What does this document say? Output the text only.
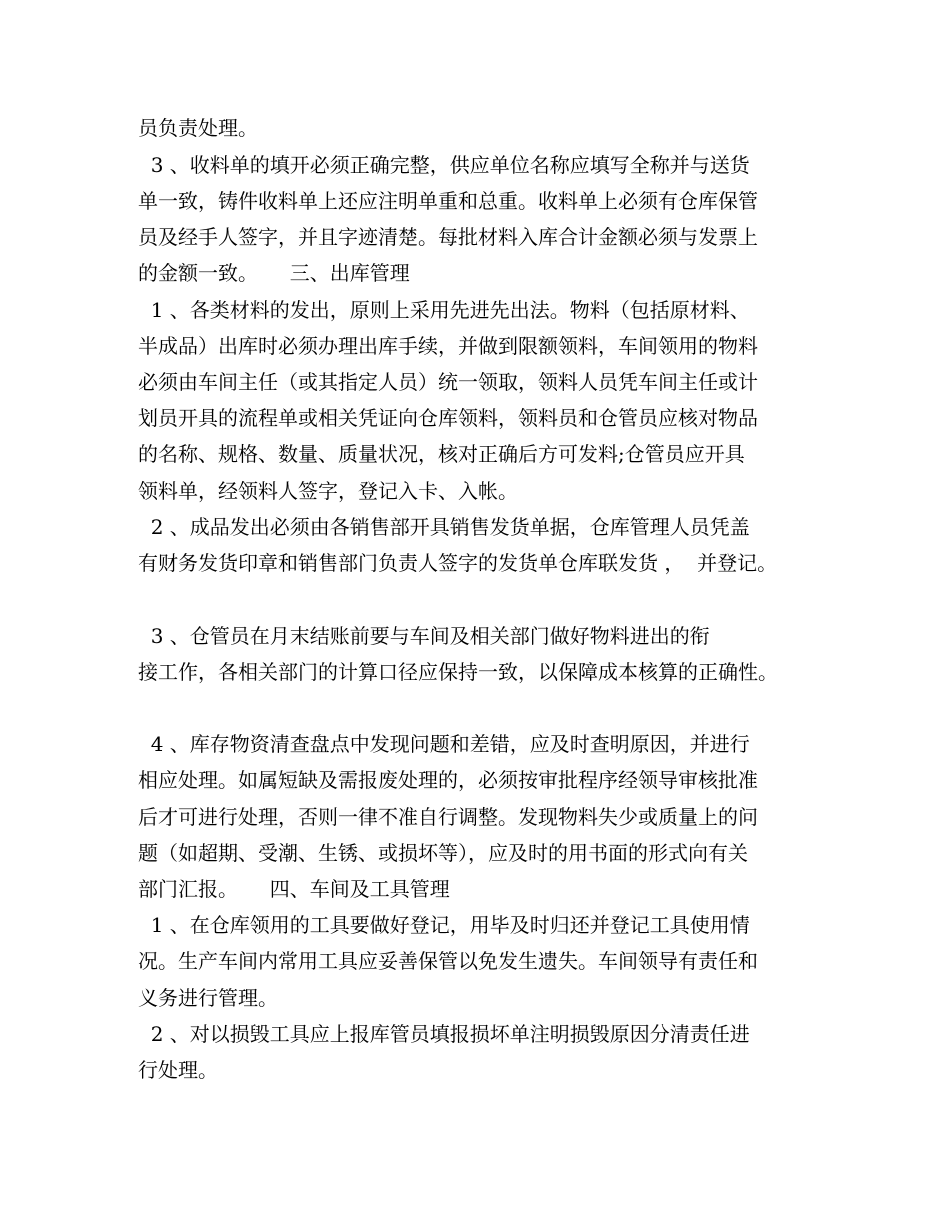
员负责处理。

3 、收料单的填开必须正确完整，供应单位名称应填写全称并与送货

单一致，铸件收料单上还应注明单重和总重。收料单上必须有仓库保管

员及经手人签字，并且字迹清楚。每批材料入库合计金额必须与发票上

的金额一致。     三、出库管理

1 、各类材料的发出，原则上采用先进先出法。物料（包括原材料、

半成品）出库时必须办理出库手续，并做到限额领料，车间领用的物料

必须由车间主任（或其指定人员）统一领取，领料人员凭车间主任或计

划员开具的流程单或相关凭证向仓库领料，领料员和仓管员应核对物品

的名称、规格、数量、质量状况，核对正确后方可发料;仓管员应开具

领料单，经领料人签字，登记入卡、入帐。

2 、成品发出必须由各销售部开具销售发货单据，仓库管理人员凭盖

有财务发货印章和销售部门负责人签字的发货单仓库联发货 ，  并登记。

3 、仓管员在月末结账前要与车间及相关部门做好物料进出的衔

接工作，各相关部门的计算口径应保持一致，以保障成本核算的正确性。

4 、库存物资清查盘点中发现问题和差错，应及时查明原因，并进行

相应处理。如属短缺及需报废处理的，必须按审批程序经领导审核批准

后才可进行处理，否则一律不准自行调整。发现物料失少或质量上的问

题（如超期、受潮、生锈、或损坏等），应及时的用书面的形式向有关

部门汇报。     四、车间及工具管理

1 、在仓库领用的工具要做好登记，用毕及时归还并登记工具使用情

况。生产车间内常用工具应妥善保管以免发生遗失。车间领导有责任和

义务进行管理。

2 、对以损毁工具应上报库管员填报损坏单注明损毁原因分清责任进

行处理。
